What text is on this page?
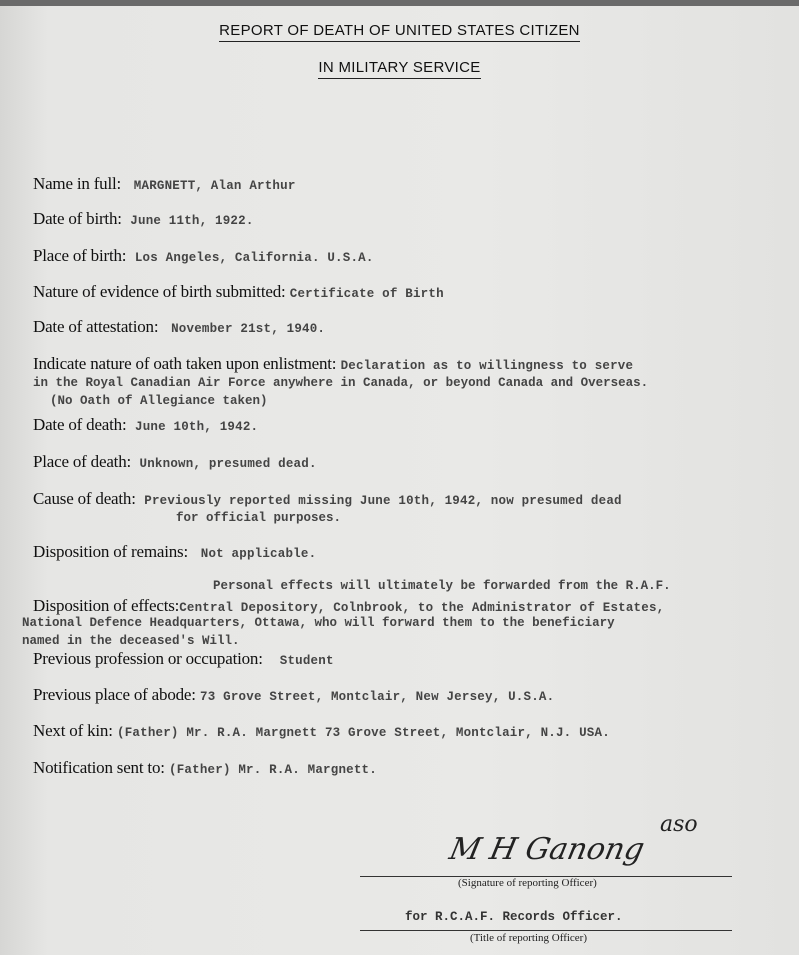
REPORT OF DEATH OF UNITED STATES CITIZEN
IN MILITARY SERVICE
Name in full: MARGNETT, Alan Arthur
Date of birth: June 11th, 1922.
Place of birth: Los Angeles, California. U.S.A.
Nature of evidence of birth submitted: Certificate of Birth
Date of attestation: November 21st, 1940.
Indicate nature of oath taken upon enlistment: Declaration as to willingness to serve
in the Royal Canadian Air Force anywhere in Canada, or beyond Canada and Overseas.
(No Oath of Allegiance taken)
Date of death: June 10th, 1942.
Place of death: Unknown, presumed dead.
Cause of death: Previously reported missing June 10th, 1942, now presumed dead
for official purposes.
Disposition of remains: Not applicable.
Personal effects will ultimately be forwarded from the R.A.F.
Disposition of effects:Central Depository, Colnbrook, to the Administrator of Estates,
National Defence Headquarters, Ottawa, who will forward them to the beneficiary
named in the deceased's Will.
Previous profession or occupation: Student
Previous place of abode: 73 Grove Street, Montclair, New Jersey, U.S.A.
Next of kin: (Father) Mr. R.A. Margnett 73 Grove Street, Montclair, N.J. USA.
Notification sent to: (Father) Mr. R.A. Margnett.
M H Ganong
aso
(Signature of reporting Officer)
for R.C.A.F. Records Officer.
(Title of reporting Officer)
